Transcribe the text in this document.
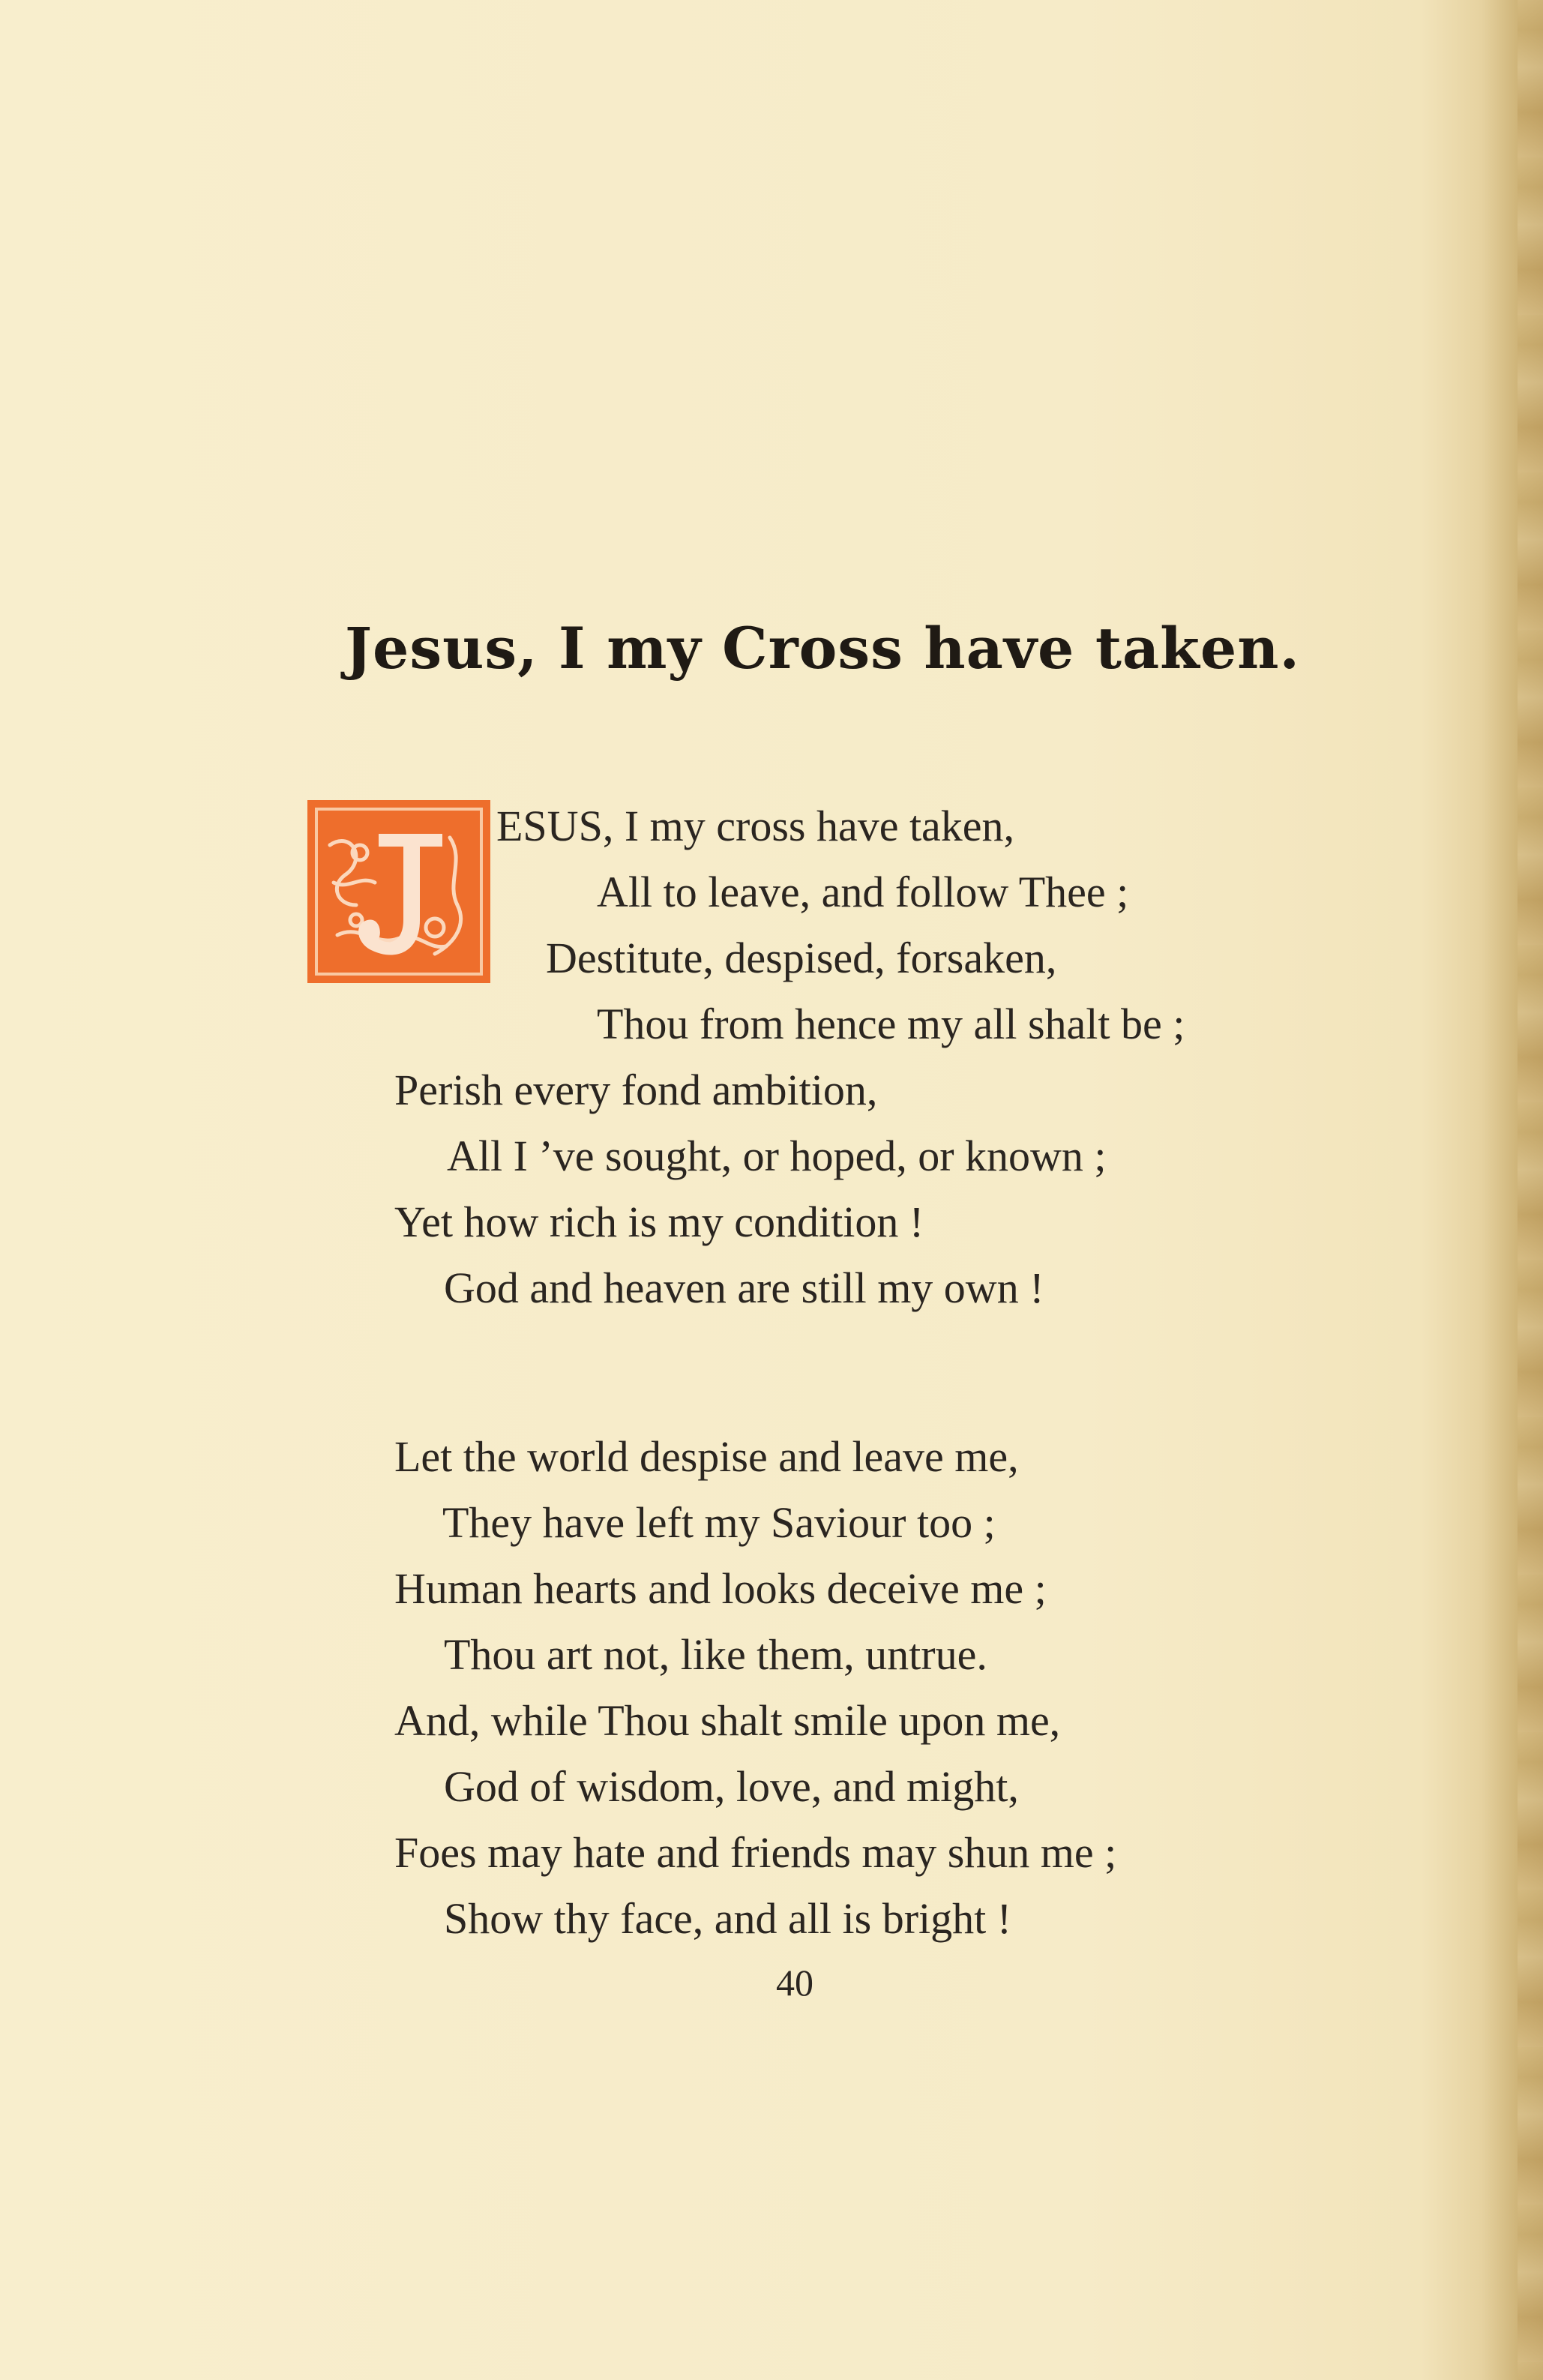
Jesus, I my Cross have taken.
ESUS, I my cross have taken,
All to leave, and follow Thee ;
Destitute, despised, forsaken,
Thou from hence my all shalt be ;
Perish every fond ambition,
All I ’ve sought, or hoped, or known ;
Yet how rich is my condition !
God and heaven are still my own !
Let the world despise and leave me,
They have left my Saviour too ;
Human hearts and looks deceive me ;
Thou art not, like them, untrue.
And, while Thou shalt smile upon me,
God of wisdom, love, and might,
Foes may hate and friends may shun me ;
Show thy face, and all is bright !
40
